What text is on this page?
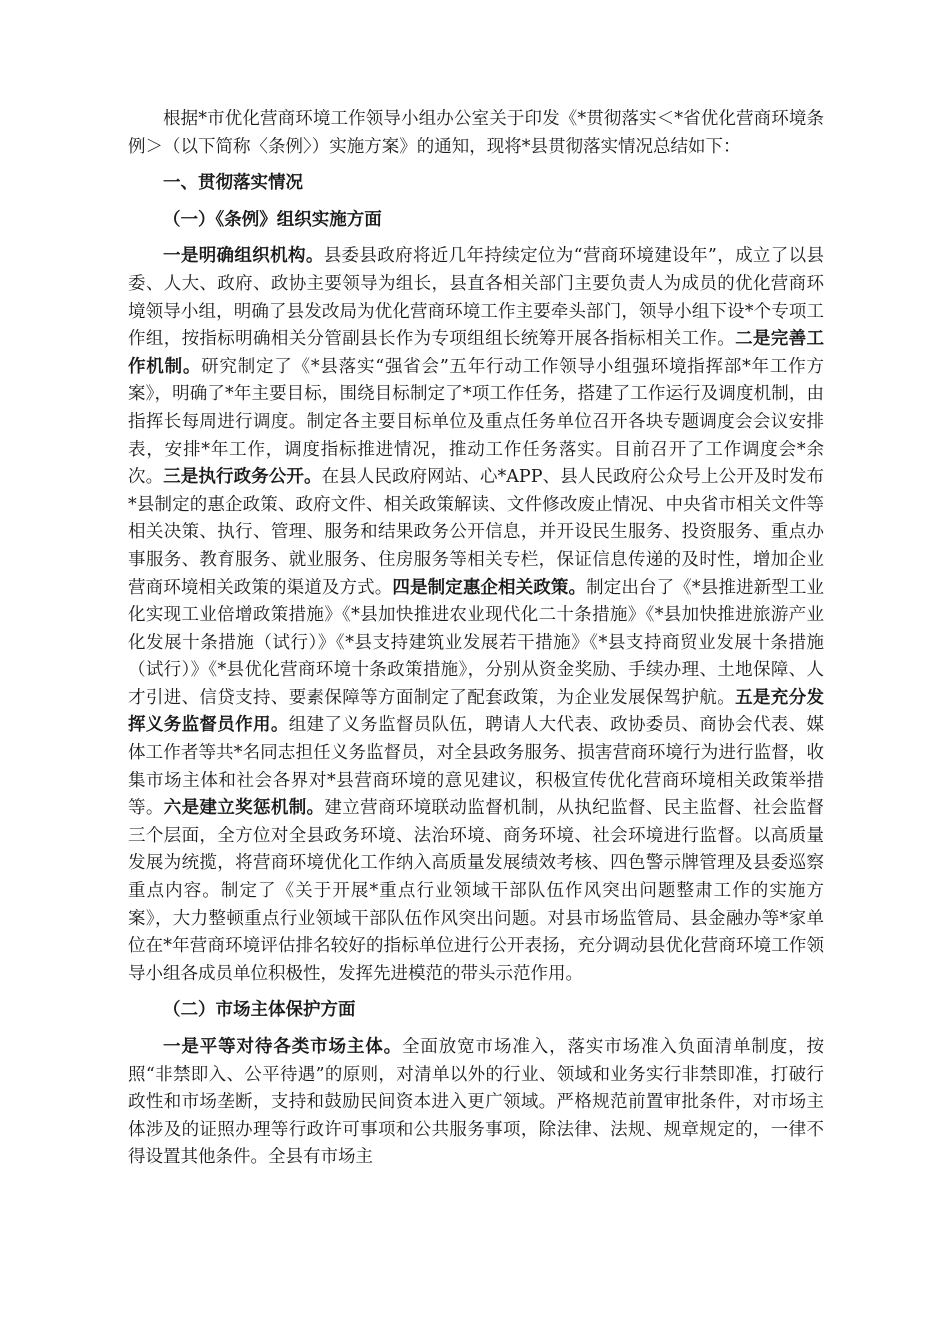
根据*市优化营商环境工作领导小组办公室关于印发《*贯彻落实＜*省优化营商环境条例＞（以下简称〈条例〉）实施方案》的通知，现将*县贯彻落实情况总结如下：

一、贯彻落实情况

（一）《条例》组织实施方面

一是明确组织机构。县委县政府将近几年持续定位为“营商环境建设年”，成立了以县委、人大、政府、政协主要领导为组长，县直各相关部门主要负责人为成员的优化营商环境领导小组，明确了县发改局为优化营商环境工作主要牵头部门，领导小组下设*个专项工作组，按指标明确相关分管副县长作为专项组组长统筹开展各指标相关工作。二是完善工作机制。研究制定了《*县落实“强省会”五年行动工作领导小组强环境指挥部*年工作方案》，明确了*年主要目标，围绕目标制定了*项工作任务，搭建了工作运行及调度机制，由指挥长每周进行调度。制定各主要目标单位及重点任务单位召开各块专题调度会会议安排表，安排*年工作，调度指标推进情况，推动工作任务落实。目前召开了工作调度会*余次。三是执行政务公开。在县人民政府网站、心*APP、县人民政府公众号上公开及时发布*县制定的惠企政策、政府文件、相关政策解读、文件修改废止情况、中央省市相关文件等相关决策、执行、管理、服务和结果政务公开信息，并开设民生服务、投资服务、重点办事服务、教育服务、就业服务、住房服务等相关专栏，保证信息传递的及时性，增加企业营商环境相关政策的渠道及方式。四是制定惠企相关政策。制定出台了《*县推进新型工业化实现工业倍增政策措施》《*县加快推进农业现代化二十条措施》《*县加快推进旅游产业化发展十条措施（试行）》《*县支持建筑业发展若干措施》《*县支持商贸业发展十条措施（试行）》《*县优化营商环境十条政策措施》，分别从资金奖励、手续办理、土地保障、人才引进、信贷支持、要素保障等方面制定了配套政策，为企业发展保驾护航。五是充分发挥义务监督员作用。组建了义务监督员队伍，聘请人大代表、政协委员、商协会代表、媒体工作者等共*名同志担任义务监督员，对全县政务服务、损害营商环境行为进行监督，收集市场主体和社会各界对*县营商环境的意见建议，积极宣传优化营商环境相关政策举措等。六是建立奖惩机制。建立营商环境联动监督机制，从执纪监督、民主监督、社会监督三个层面，全方位对全县政务环境、法治环境、商务环境、社会环境进行监督。以高质量发展为统揽，将营商环境优化工作纳入高质量发展绩效考核、四色警示牌管理及县委巡察重点内容。制定了《关于开展*重点行业领域干部队伍作风突出问题整肃工作的实施方案》，大力整顿重点行业领域干部队伍作风突出问题。对县市场监管局、县金融办等*家单位在*年营商环境评估排名较好的指标单位进行公开表扬，充分调动县优化营商环境工作领导小组各成员单位积极性，发挥先进模范的带头示范作用。

（二）市场主体保护方面

一是平等对待各类市场主体。全面放宽市场准入，落实市场准入负面清单制度，按照“非禁即入、公平待遇”的原则，对清单以外的行业、领域和业务实行非禁即准，打破行政性和市场垄断，支持和鼓励民间资本进入更广领域。严格规范前置审批条件，对市场主体涉及的证照办理等行政许可事项和公共服务事项，除法律、法规、规章规定的，一律不得设置其他条件。全县有市场主
